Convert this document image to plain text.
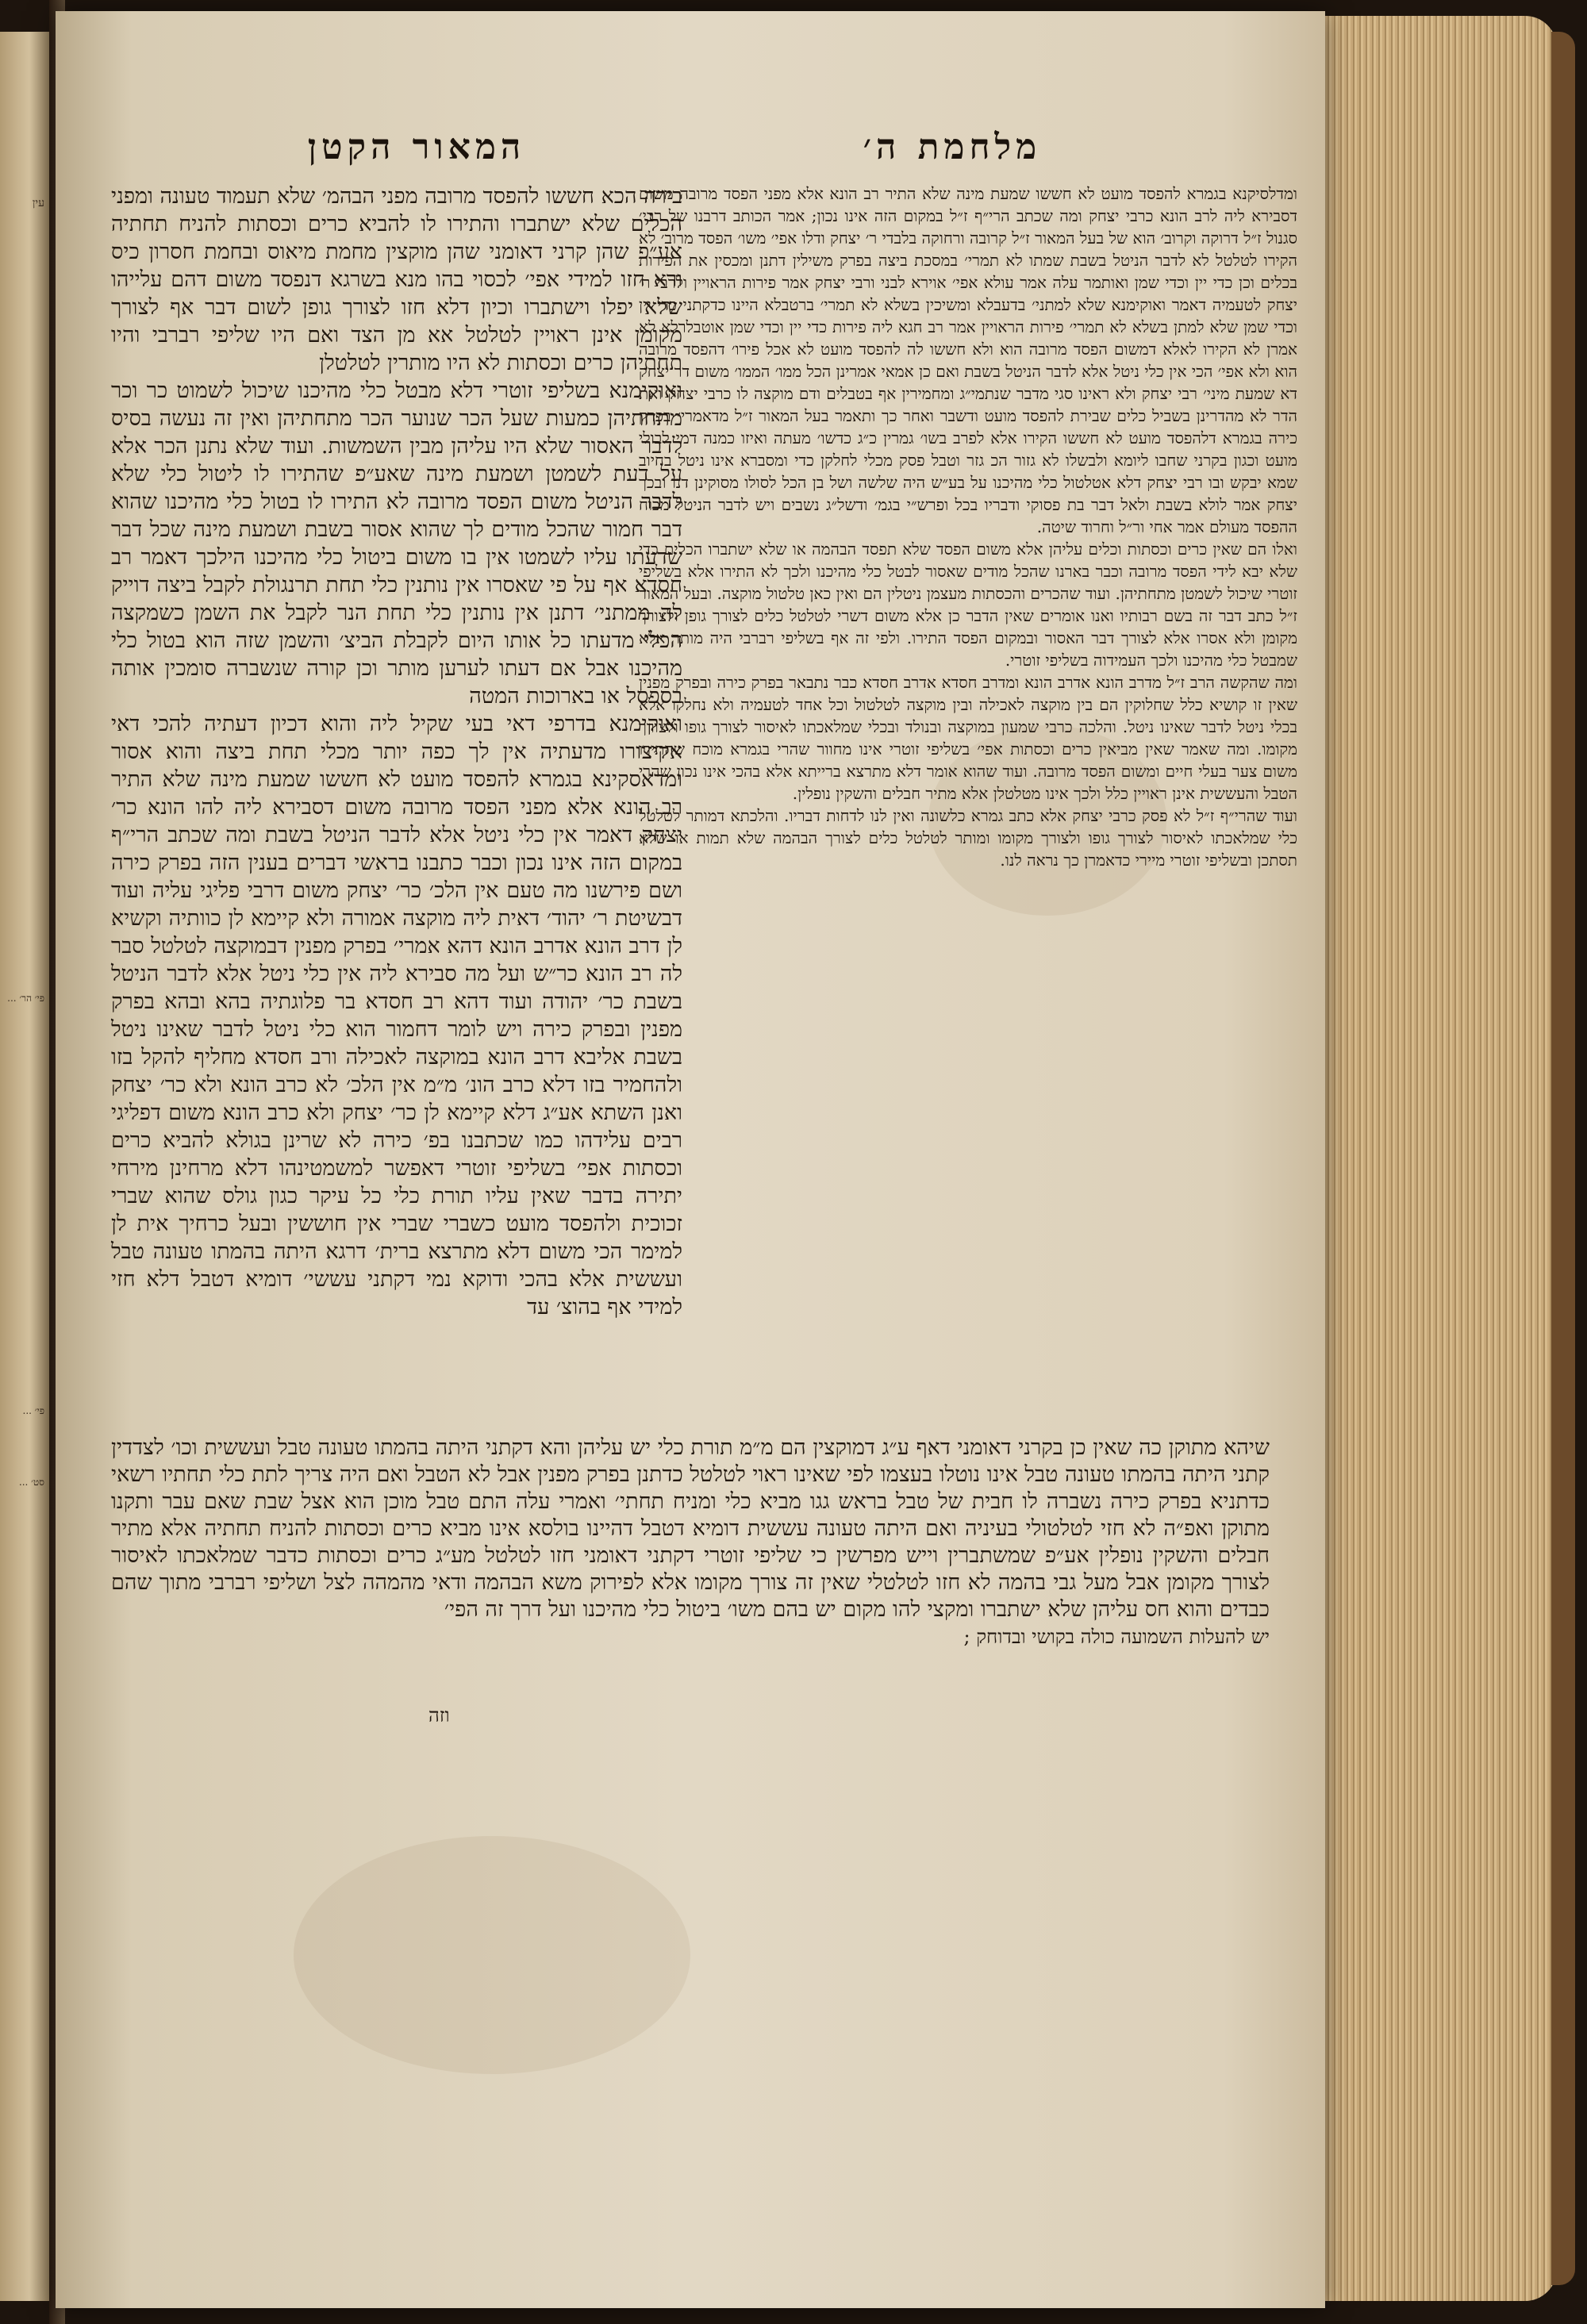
עין
פי׳ הר׳ ...
פי׳ ...
סט׳ ...
מלחמת ה׳
המאור הקטן

ומדלסיקנא בגמרא להפסד מועט לא חששו שמעת מינה שלא התיר רב הונא אלא מפני הפסד מרובה משום דסבירא ליה לרב הונא כרבי יצחק ומה שכתב הרי״ף ז״ל במקום הזה אינו נכון; אמר הכותב דרבנו של רבי׳ סגנול ז״ל דרוקה וקרוב׳ הוא של בעל המאור ז״ל קרובה ורחוקה בלבדי ר׳ יצחק ודלו אפי׳ משו׳ הפסד מרוב׳ לא הקירו לטלטל לא לדבר הניטל בשבת שמתו לא תמרי׳ במסכת ביצה בפרק משילין דתנן ומכסין את הפירות בכלים וכן כדי יין וכדי שמן ואותמר עלה אמר עולא אפי׳ אוירא לבני ורבי יצחק אמר פירות הראויין ולרבי ר׳ יצחק לטעמיה דאמר ואוקימנא שלא למתני׳ בדעבלא ומשיכין בשלא לא תמרי׳ ברטבלא היינו כדקתני כדי יין וכדי שמן שלא למתן בשלא לא תמרי׳ פירות הראויין אמר רב חגא ליה פירות כדי יין וכדי שמן אוטבלרלא לא אמרן לא הקירו לאלא דמשום הפסד מרובה הוא ולא חששו לה להפסד מועט לא אכל פירו׳ דהפסד מרובה הוא ולא אפי׳ הכי אין כלי ניטל אלא לדבר הניטל בשבת ואם כן אמאי אמרינן הכל ממו׳ הממו׳ משום דר יצחק דא שמעת מיני׳ רבי יצחק ולא ראינו סגי מדבר שנתמי״ג ומחמירין אף בטבלים ודם מוקצה לו כרבי יצחק ואת הדר לא מהדרינן בשביל כלים שבירת להפסד מועט ודשבר ואחר כך ותאמר בעל המאור ז״ל מדאמרי׳ בפרק כירה בגמרא דלהפסד מועט לא חששו הקירו אלא לפרב בשו׳ גמרין כ״ג כדשו׳ מעתה ואיזו כמנה דמי לבולי מועט וכגון בקרני שחבו ליומא ולבשלו לא גזור הכ גזר וטבל פסק מכלי לחלקן כדי ומסברא אינו ניטל בחיוב שמא יבקש ובו רבי יצחק דלא אטלטול כלי מהיכנו על בע״ש היה שלשה ושל בן הכל לסולו מסוקינן דנו ובכך יצחק אמר לולא בשבת ולאל דבר בת פסוקי ודבריו בכל ופרש״י בגמ׳ ודשל״ג נשבים ויש לדבר הניטל מכוח ההפסד מעולם אמר אחי ור״ל וחרוד שיטה.

ואלו הם שאין כרים וכסתות וכלים עליהן אלא משום הפסד שלא תפסד הבהמה או שלא ישתברו הכלים כדי שלא יבא לידי הפסד מרובה וכבר בארנו שהכל מודים שאסור לבטל כלי מהיכנו ולכך לא התירו אלא בשליפי זוטרי שיכול לשמטן מתחתיהן. ועוד שהכרים והכסתות מעצמן ניטלין הם ואין כאן טלטול מוקצה. ובעל המאור ז״ל כתב דבר זה בשם רבותיו ואנו אומרים שאין הדבר כן אלא משום דשרי לטלטל כלים לצורך גופן ולצורך מקומן ולא אסרו אלא לצורך דבר האסור ובמקום הפסד התירו. ולפי זה אף בשליפי רברבי היה מותר אלא שמבטל כלי מהיכנו ולכך העמידוה בשליפי זוטרי.

ומה שהקשה הרב ז״ל מדרב הונא אדרב הונא ומדרב חסדא אדרב חסדא כבר נתבאר בפרק כירה ובפרק מפנין שאין זו קושיא כלל שחלוקין הם בין מוקצה לאכילה ובין מוקצה לטלטול וכל אחד לטעמיה ולא נחלקו אלא בכלי ניטל לדבר שאינו ניטל. והלכה כרבי שמעון במוקצה ובנולד ובכלי שמלאכתו לאיסור לצורך גופו ולצורך מקומו. ומה שאמר שאין מביאין כרים וכסתות אפי׳ בשליפי זוטרי אינו מחוור שהרי בגמרא מוכח שהתירו משום צער בעלי חיים ומשום הפסד מרובה. ועוד שהוא אומר דלא מתרצא ברייתא אלא בהכי אינו נכון שהרי הטבל והעששית אינן ראויין כלל ולכך אינו מטלטלן אלא מתיר חבלים והשקין נופלין.

ועוד שהרי״ף ז״ל לא פסק כרבי יצחק אלא כתב גמרא כלשונה ואין לנו לדחות דבריו. והלכתא דמותר לטלטל כלי שמלאכתו לאיסור לצורך גופו ולצורך מקומו ומותר לטלטל כלים לצורך הבהמה שלא תמות או שלא תסתכן ובשליפי זוטרי מיירי כדאמרן כך נראה לנו.

בירה הכא חששו להפסד מרובה מפני הבהמ׳ שלא תעמוד טעונה ומפני הכלים שלא ישתברו והתירו לו להביא כרים וכסתות להניח תחתיה אע״פ שהן קרני דאומני שהן מוקצין מחמת מיאוס ובחמת חסרון כיס ורא חזו למידי אפי׳ לכסוי בהו מנא בשרגא דנפסד משום דהם עלייהו שלא יפלו וישתברו וכיון דלא חזו לצורך גופן לשום דבר אף לצורך מקומן אינן ראויין לטלטל אא מן הצד ואם היו שליפי רברבי והיו תחתיהן כרים וכסתות לא היו מותרין לטלטלן

ואוקימנא בשליפי זוטרי דלא מבטל כלי מהיכנו שיכול לשמוט כר וכר מתחתיהן כמעות שעל הכר שנוער הכר מתחתיהן ואין זה נעשה בסיס לדבר האסור שלא היו עליהן מבין השמשות. ועוד שלא נתנן הכר אלא על דעת לשמטן ושמעת מינה שאע״פ שהתירו לו ליטול כלי שלא לדבר הניטל משום הפסד מרובה לא התירו לו בטול כלי מהיכנו שהוא דבר חמור שהכל מודים לך שהוא אסור בשבת ושמעת מינה שכל דבר שדעתו עליו לשמטו אין בו משום ביטול כלי מהיכנו הילכך דאמר רב חסדא אף על פי שאסרו אין נותנין כלי תחת תרנגולת לקבל ביצה דוייק לה ממתני׳ דתנן אין נותנין כלי תחת הנר לקבל את השמן כשמקצה הכלי מדעתו כל אותו היום לקבלת הביצ׳ והשמן שזה הוא בטול כלי מהיכנו אבל אם דעתו לערען מותר וכן קורה שנשברה סומכין אותה בספסל או בארוכות המטה

ואוקימנא בדרפי דאי בעי שקיל ליה והוא דכיון דעתיה להכי דאי אקיצורו מדעתיה אין לך כפה יותר מכלי תחת ביצה והוא אסור ומדאסקינא בגמרא להפסד מועט לא חששו שמעת מינה שלא התיר רב הונא אלא מפני הפסד מרובה משום דסבירא ליה להו הונא כר׳ יצחק דאמר אין כלי ניטל אלא לדבר הניטל בשבת ומה שכתב הרי״ף במקום הזה אינו נכון וכבר כתבנו בראשי דברים בענין הזה בפרק כירה ושם פירשנו מה טעם אין הלכ׳ כר׳ יצחק משום דרבי פליגי עליה ועוד דבשיטת ר׳ יהוד׳ דאית ליה מוקצה אמורה ולא קיימא לן כוותיה וקשיא לן דרב הונא אדרב הונא דהא אמרי׳ בפרק מפנין דבמוקצה לטלטל סבר לה רב הונא כר״ש ועל מה סבירא ליה אין כלי ניטל אלא לדבר הניטל בשבת כר׳ יהודה ועוד דהא רב חסדא בר פלוגתיה בהא ובהא בפרק מפנין ובפרק כירה ויש לומר דחמור הוא כלי ניטל לדבר שאינו ניטל בשבת אליבא דרב הונא במוקצה לאכילה ורב חסדא מחליף להקל בזו ולהחמיר בזו דלא כרב הונ׳ מ״מ אין הלכ׳ לא כרב הונא ולא כר׳ יצחק ואנן השתא אע״ג דלא קיימא לן כר׳ יצחק ולא כרב הונא משום דפליגי רבים עלידהו כמו שכתבנו בפ׳ כירה לא שרינן בגולא להביא כרים וכסתות אפי׳ בשליפי זוטרי דאפשר למשמטינהו דלא מרחינן מירחי יתירה בדבר שאין עליו תורת כלי כל עיקר כגון גולס שהוא שברי זכוכית ולהפסד מועט כשברי שברי אין חוששין ובעל כרחיך אית לן למימר הכי משום דלא מתרצא ברית׳ דרגא היתה בהמתו טעונה טבל ועששית אלא בהכי ודוקא נמי דקתני עששי׳ דומיא דטבל דלא חזי למידי אף בהוצ׳ עד

שיהא מתוקן כה שאין כן בקרני דאומני דאף ע״ג דמוקצין הם מ״מ תורת כלי יש עליהן והא דקתני היתה בהמתו טעונה טבל ועששית וכו׳ לצדדין קתני היתה בהמתו טעונה טבל אינו נוטלו בעצמו לפי שאינו ראוי לטלטל כדתנן בפרק מפנין אבל לא הטבל ואם היה צריך לתת כלי תחתיו רשאי כדתניא בפרק כירה נשברה לו חבית של טבל בראש גגו מביא כלי ומניח תחתי׳ ואמרי עלה התם טבל מוכן הוא אצל שבת שאם עבר ותקנו מתוקן ואפ״ה לא חזי לטלטולי בעיניה ואם היתה טעונה עששית דומיא דטבל דהיינו בולסא אינו מביא כרים וכסתות להניח תחתיה אלא מתיר חבלים והשקין נופלין אע״פ שמשתברין וייש מפרשין כי שליפי זוטרי דקתני דאומני חזו לטלטל מע״ג כרים וכסתות כדבר שמלאכתו לאיסור לצורך מקומן אבל מעל גבי בהמה לא חזו לטלטלי שאין זה צורך מקומו אלא לפירוק משא הבהמה ודאי מהמהה לצל ושליפי רברבי מתוך שהם כבדים והוא חס עליהן שלא ישתברו ומקצי להו מקום יש בהם משו׳ ביטול כלי מהיכנו ועל דרך זה הפי׳

יש להעלות השמועה כולה בקושי ובדוחק ;

וזה
